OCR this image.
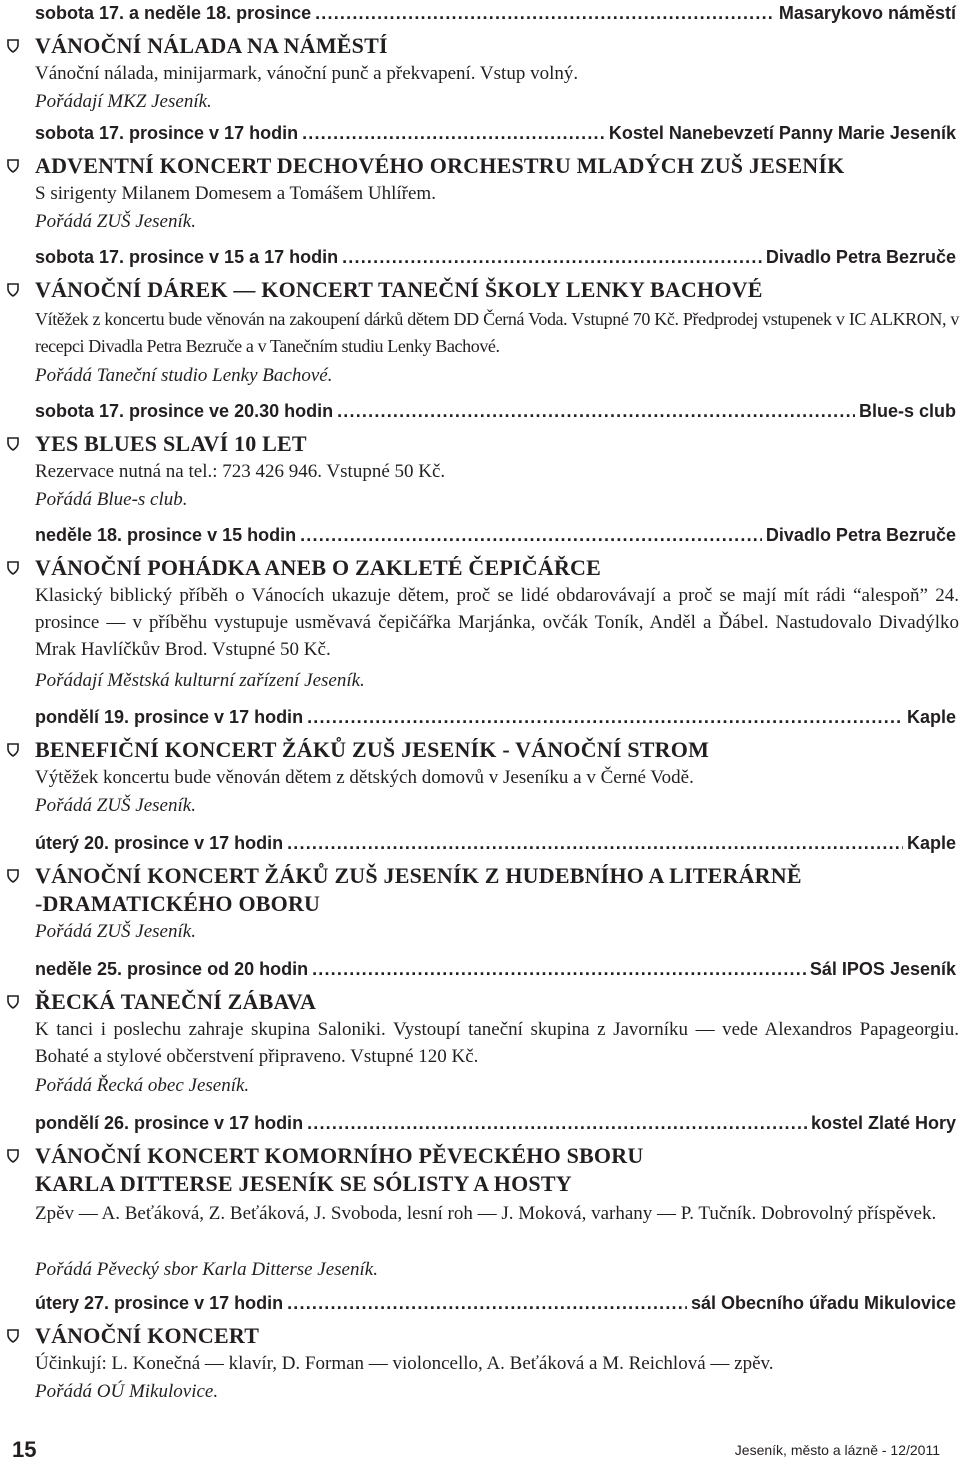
sobota 17. a neděle 18. prosince .....	Masarykovo náměstí
VÁNOČNÍ NÁLADA NA NÁMĚSTÍ
Vánoční nálada, minijarmark, vánoční punč a překvapení. Vstup volný.
Pořádají MKZ Jeseník.
sobota 17. prosince v 17 hodin .....	Kostel Nanebevzetí Panny Marie Jeseník
ADVENTNÍ KONCERT DECHOVÉHO ORCHESTRU MLADÝCH ZUŠ JESENÍK
S sirigenty Milanem Domesem a Tomášem Uhlířem.
Pořádá ZUŠ Jeseník.
sobota 17. prosince v 15 a 17 hodin .....	Divadlo Petra Bezruče
VÁNOČNÍ DÁREK — KONCERT TANEČNÍ ŠKOLY LENKY BACHOVÉ
Vítěžek z koncertu bude věnován na zakoupení dárků dětem DD Černá Voda. Vstupné 70 Kč. Předprodej vstupenek v IC ALKRON, v recepci Divadla Petra Bezruče a v Tanečním studiu Lenky Bachové.
Pořádá Taneční studio Lenky Bachové.
sobota 17. prosince ve 20.30 hodin .....	Blue-s club
YES BLUES SLAVÍ 10 LET
Rezervace nutná na tel.: 723 426 946. Vstupné 50 Kč.
Pořádá Blue-s club.
neděle 18. prosince v 15 hodin .....	Divadlo Petra Bezruče
VÁNOČNÍ POHÁDKA ANEB O ZAKLETÉ ČEPIČÁŘCE
Klasický biblický příběh o Vánocích ukazuje dětem, proč se lidé obdarovávají a proč se mají mít rádi “alespoň” 24. prosince — v příběhu vystupuje usměvavá čepičářka Marjánka, ovčák Toník, Anděl a Ďábel. Nastudovalo Divadýlko Mrak Havlíčkův Brod. Vstupné 50 Kč.
Pořádají Městská kulturní zařízení Jeseník.
pondělí 19. prosince v 17 hodin .....	Kaple
BENEFIČNÍ KONCERT ŽÁKŮ ZUŠ JESENÍK - VÁNOČNÍ STROM
Výtěžek koncertu bude věnován dětem z dětských domovů v Jeseníku a v Černé Vodě.
Pořádá ZUŠ Jeseník.
úterý 20. prosince v 17 hodin .....	Kaple
VÁNOČNÍ KONCERT ŽÁKŮ ZUŠ JESENÍK Z HUDEBNÍHO A LITERÁRNĚ
-DRAMATICKÉHO OBORU
Pořádá ZUŠ Jeseník.
neděle 25. prosince od 20 hodin .....	Sál IPOS Jeseník
ŘECKÁ TANEČNÍ ZÁBAVA
K tanci i poslechu zahraje skupina Saloniki. Vystoupí taneční skupina z Javorníku — vede Alexandros Papageorgiu. Bohaté a stylové občerstvení připraveno. Vstupné 120 Kč.
Pořádá Řecká obec Jeseník.
pondělí 26. prosince v 17 hodin .....	kostel Zlaté Hory
VÁNOČNÍ KONCERT KOMORNÍHO PĚVECKÉHO SBORU
KARLA DITTERSE JESENÍK SE SÓLISTY A HOSTY
Zpěv — A. Beťáková, Z. Beťáková, J. Svoboda, lesní roh — J. Moková, varhany — P. Tučník. Dobrovolný příspěvek.
Pořádá Pěvecký sbor Karla Ditterse Jeseník.
útery 27. prosince v 17 hodin .....	sál Obecního úřadu Mikulovice
VÁNOČNÍ KONCERT
Účinkují: L. Konečná — klavír, D. Forman — violoncello, A. Beťáková a M. Reichlová — zpěv.
Pořádá OÚ Mikulovice.
15	Jeseník, město a lázně - 12/2011
